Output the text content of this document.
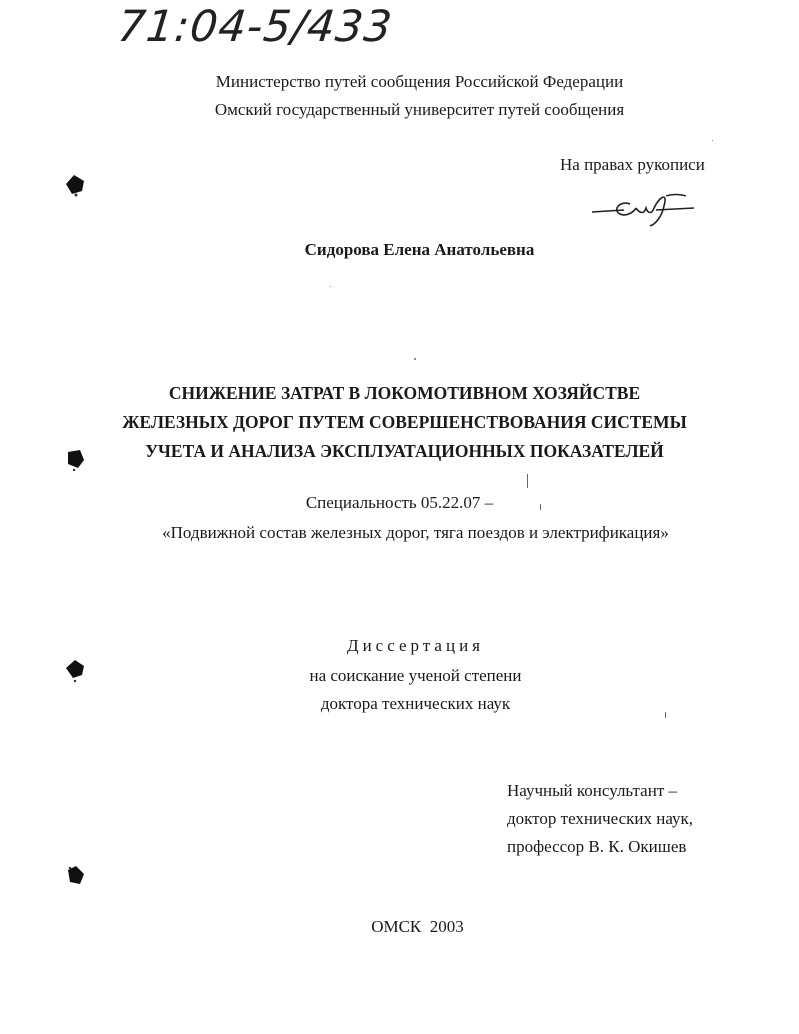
71:04-5/433
Министерство путей сообщения Российской Федерации
Омский государственный университет путей сообщения
На правах рукописи
Сидорова Елена Анатольевна
СНИЖЕНИЕ ЗАТРАТ В ЛОКОМОТИВНОМ ХОЗЯЙСТВЕ
ЖЕЛЕЗНЫХ ДОРОГ ПУТЕМ СОВЕРШЕНСТВОВАНИЯ СИСТЕМЫ
УЧЕТА И АНАЛИЗА ЭКСПЛУАТАЦИОННЫХ ПОКАЗАТЕЛЕЙ
Специальность 05.22.07 –
«Подвижной состав железных дорог, тяга поездов и электрификация»
Диссертация
на соискание ученой степени
доктора технических наук
Научный консультант –
доктор технических наук,
профессор В. К. Окишев
ОМСК  2003
